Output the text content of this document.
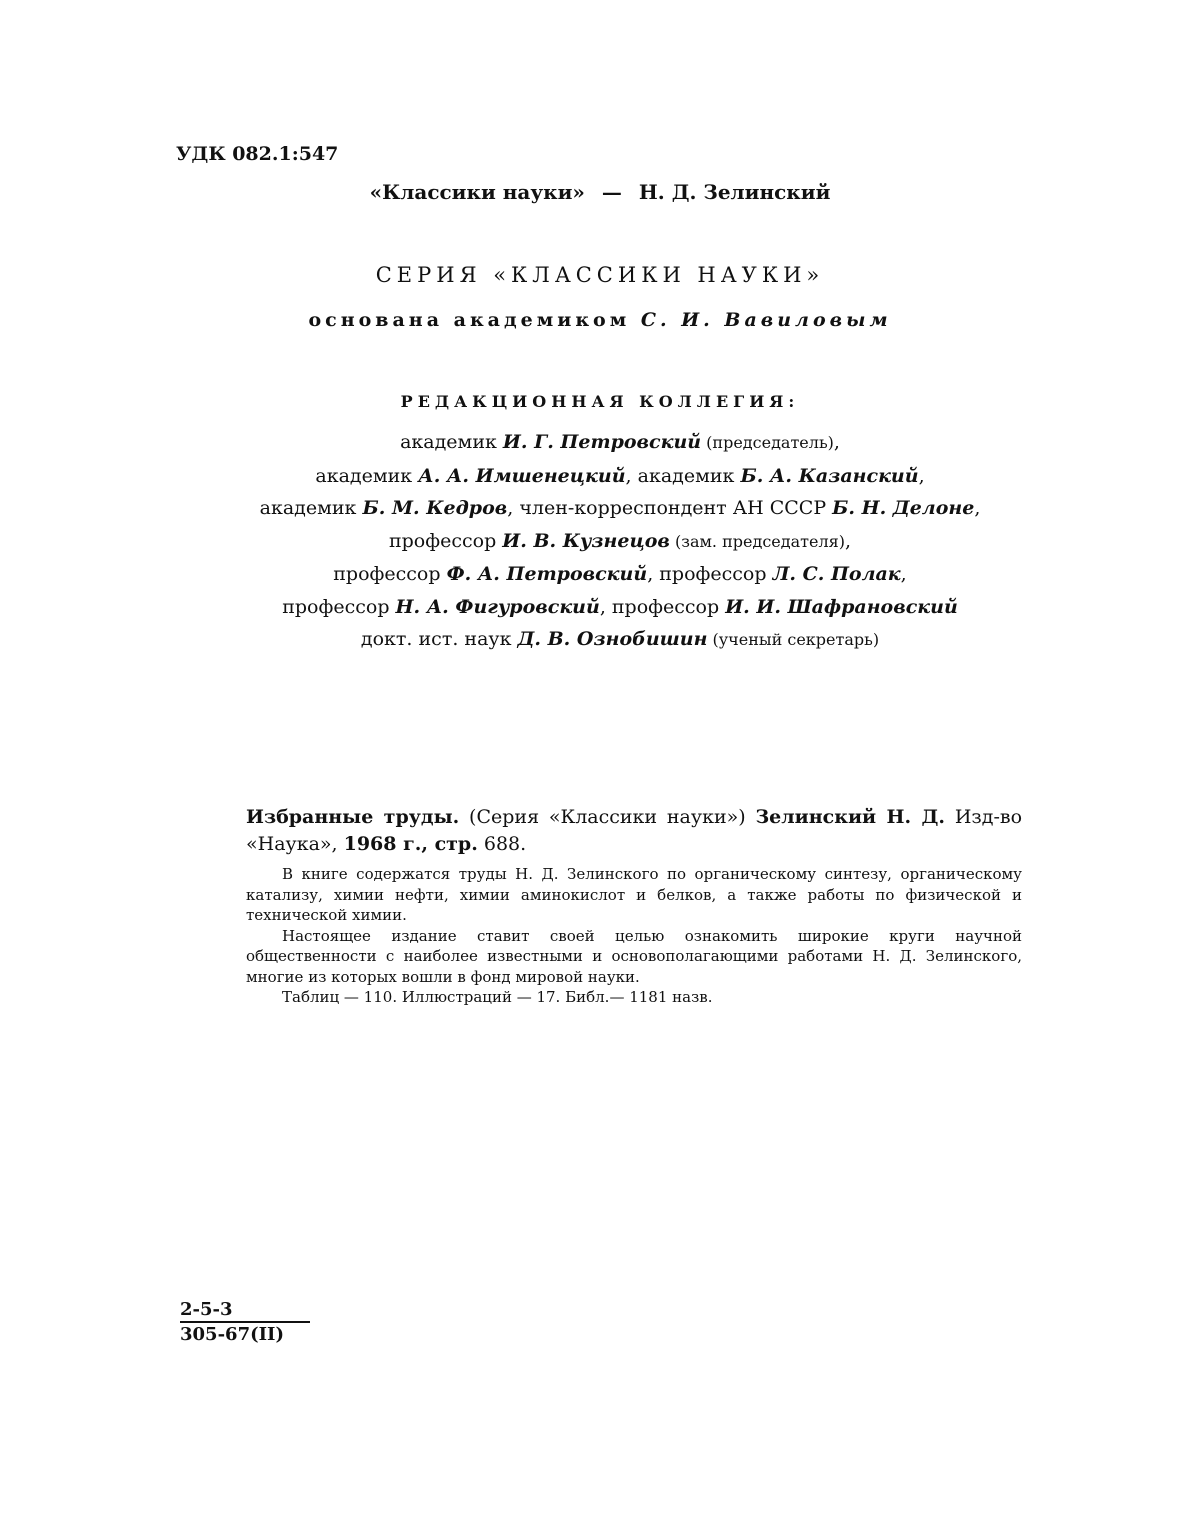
УДК 082.1:547
«Классики науки» — Н. Д. Зелинский
СЕРИЯ «КЛАССИКИ НАУКИ»
основана академиком С. И. Вавиловым
РЕДАКЦИОННАЯ КОЛЛЕГИЯ:
академик И. Г. Петровский (председатель),
академик А. А. Имшенецкий, академик Б. А. Казанский,
академик Б. М. Кедров, член-корреспондент АН СССР Б. Н. Делоне,
профессор И. В. Кузнецов (зам. председателя),
профессор Ф. А. Петровский, профессор Л. С. Полак,
профессор Н. А. Фигуровский, профессор И. И. Шафрановский
докт. ист. наук Д. В. Ознобишин (ученый секретарь)
Избранные труды. (Серия «Классики науки») Зелинский Н. Д. Изд-во «Наука», 1968 г., стр. 688.

В книге содержатся труды Н. Д. Зелинского по органическому синтезу, органическому катализу, химии нефти, химии аминокислот и белков, а также работы по физической и технической химии.

Настоящее издание ставит своей целью ознакомить широкие круги научной общественности с наиболее известными и основополагающими работами Н. Д. Зелинского, многие из которых вошли в фонд мировой науки.

Таблиц — 110. Иллюстраций — 17. Библ.— 1181 назв.

2-5-3
305-67(II)
